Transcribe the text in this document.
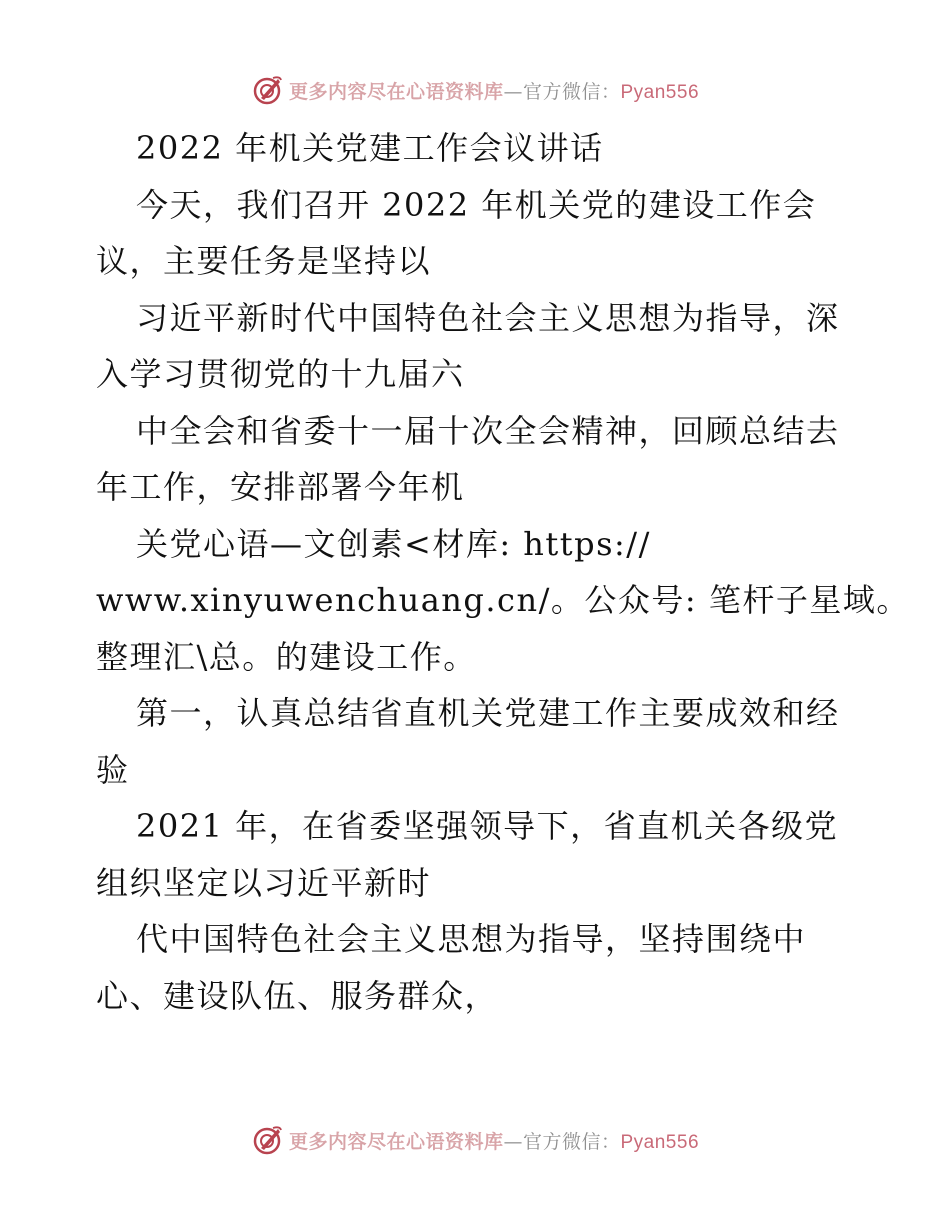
更多内容尽在心语资料库—官方微信：Pyan556
2022 年机关党建工作会议讲话
今天，我们召开 2022 年机关党的建设工作会
议，主要任务是坚持以
习近平新时代中国特色社会主义思想为指导，深
入学习贯彻党的十九届六
中全会和省委十一届十次全会精神，回顾总结去
年工作，安排部署今年机
关党心语—文创素<材库: https://
www.xinyuwenchuang.cn/。公众号: 笔杆子星域。
整理汇\总。的建设工作。
第一，认真总结省直机关党建工作主要成效和经
验
2021 年，在省委坚强领导下，省直机关各级党
组织坚定以习近平新时
代中国特色社会主义思想为指导，坚持围绕中
心、建设队伍、服务群众，
更多内容尽在心语资料库—官方微信：Pyan556
